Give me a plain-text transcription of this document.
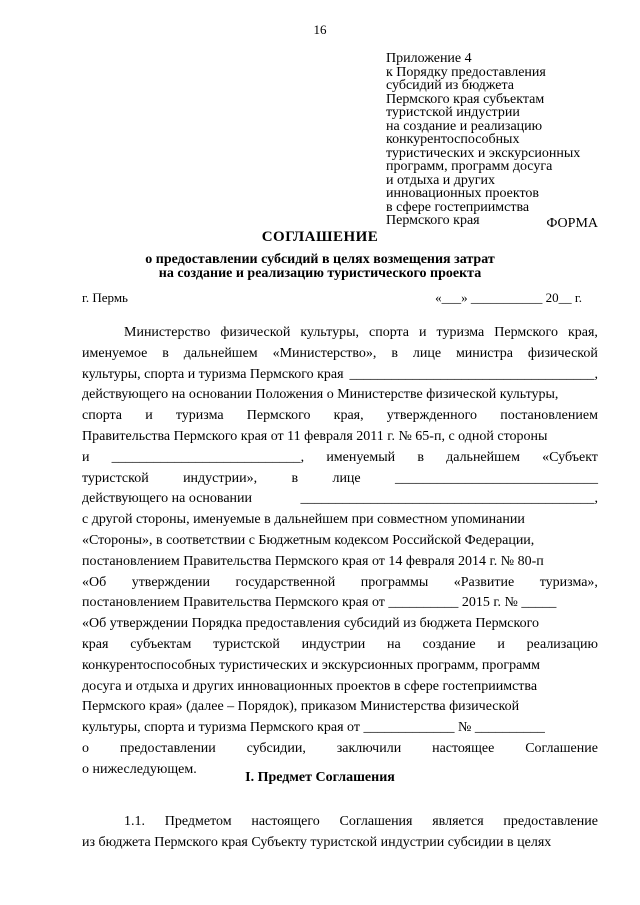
16
Приложение 4
к Порядку предоставления
субсидий из бюджета
Пермского края субъектам
туристской индустрии
на создание и реализацию
конкурентоспособных
туристических и экскурсионных
программ, программ досуга
и отдыха и других
инновационных проектов
в сфере гостеприимства
Пермского края	ФОРМА
СОГЛАШЕНИЕ
о предоставлении субсидий в целях возмещения затрат
на создание и реализацию туристического проекта
г. Пермь	«___» ___________ 20__ г.
Министерство физической культуры, спорта и туризма Пермского края,
именуемое в дальнейшем «Министерство», в лице министра физической
культуры, спорта и туризма Пермского края ___________________________________,
действующего на основании Положения о Министерстве физической культуры,
спорта и туризма Пермского края, утвержденного постановлением
Правительства Пермского края от 11 февраля 2011 г. № 65-п, с одной стороны
и ___________________________, именуемый в дальнейшем «Субъект
туристской индустрии», в лице _____________________________
действующего на основании	__________________________________________,
с другой стороны, именуемые в дальнейшем при совместном упоминании
«Стороны», в соответствии с Бюджетным кодексом Российской Федерации,
постановлением Правительства Пермского края от 14 февраля 2014 г. № 80-п
«Об утверждении государственной программы «Развитие туризма»,
постановлением Правительства Пермского края от __________ 2015 г. № _____
«Об утверждении Порядка предоставления субсидий из бюджета Пермского
края субъектам туристской индустрии на создание и реализацию
конкурентоспособных туристических и экскурсионных программ, программ
досуга и отдыха и других инновационных проектов в сфере гостеприимства
Пермского края» (далее – Порядок), приказом Министерства физической
культуры, спорта и туризма Пермского края от _____________ № __________
о предоставлении субсидии, заключили настоящее Соглашение
о нижеследующем.
I. Предмет Соглашения
1.1. Предметом настоящего Соглашения является предоставление
из бюджета Пермского края Субъекту туристской индустрии субсидии в целях
